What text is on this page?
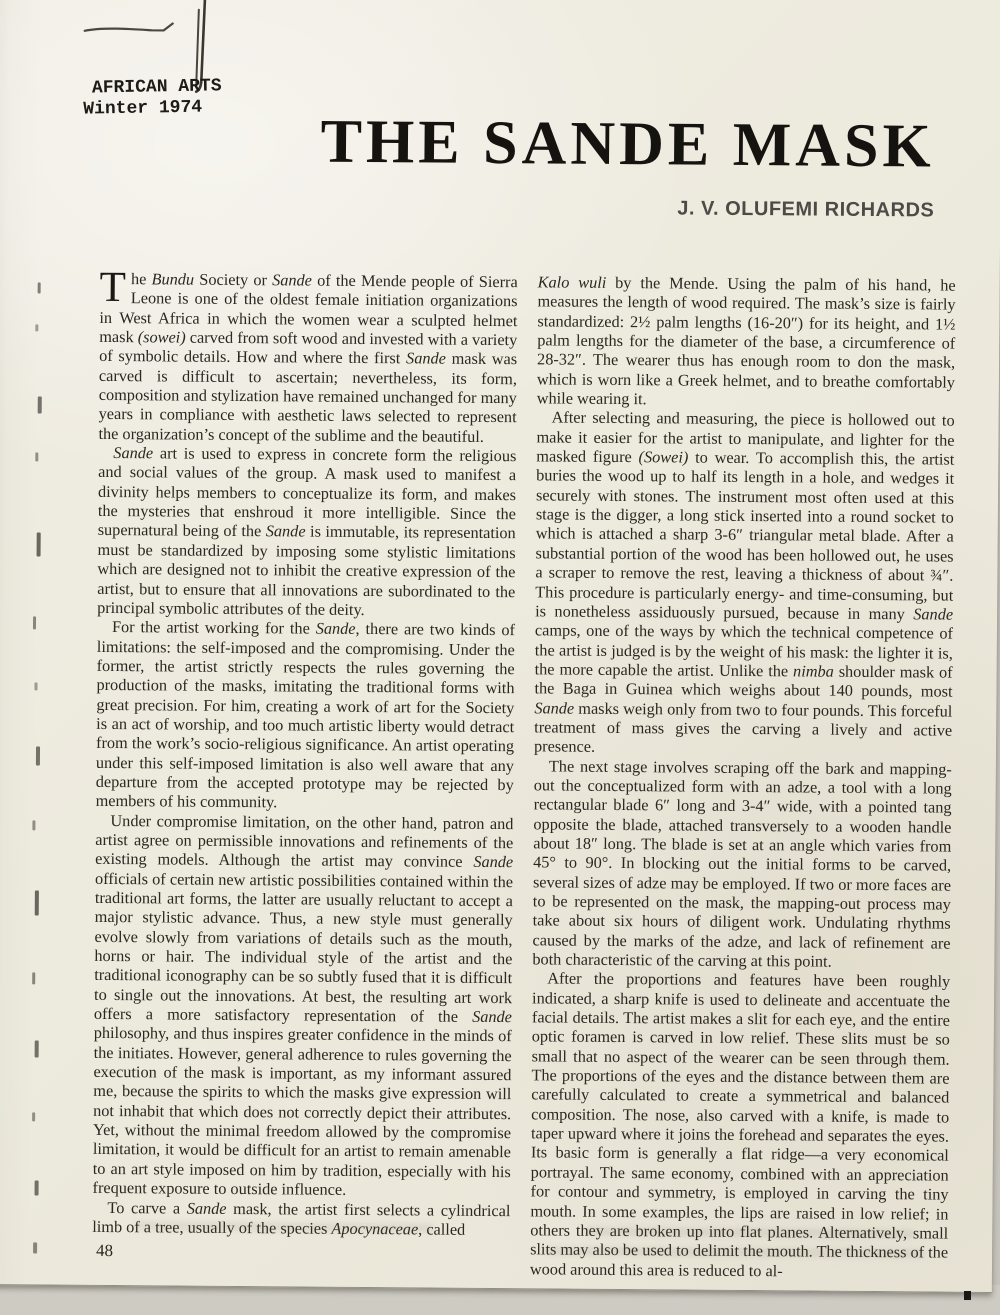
AFRICAN ARTS
Winter 1974	THE SANDE MASK
J. V. OLUFEMI RICHARDS

The Bundu Society or Sande of the Mende people of Sierra Leone is one of the oldest female initiation organizations in West Africa in which the women wear a sculpted helmet mask (sowei) carved from soft wood and invested with a variety of symbolic details. How and where the first Sande mask was carved is difficult to ascertain; nevertheless, its form, composition and stylization have remained unchanged for many years in compliance with aesthetic laws selected to represent the organization’s concept of the sublime and the beautiful.

Sande art is used to express in concrete form the religious and social values of the group. A mask used to manifest a divinity helps members to conceptualize its form, and makes the mysteries that enshroud it more intelligible. Since the supernatural being of the Sande is immutable, its representation must be standardized by imposing some stylistic limitations which are designed not to inhibit the creative expression of the artist, but to ensure that all innovations are subordinated to the principal symbolic attributes of the deity.

For the artist working for the Sande, there are two kinds of limitations: the self-imposed and the compromising. Under the former, the artist strictly respects the rules governing the production of the masks, imitating the traditional forms with great precision. For him, creating a work of art for the Society is an act of worship, and too much artistic liberty would detract from the work’s socio-religious significance. An artist operating under this self-imposed limitation is also well aware that any departure from the accepted prototype may be rejected by members of his community.

Under compromise limitation, on the other hand, patron and artist agree on permissible innovations and refinements of the existing models. Although the artist may convince Sande officials of certain new artistic possibilities contained within the traditional art forms, the latter are usually reluctant to accept a major stylistic advance. Thus, a new style must generally evolve slowly from variations of details such as the mouth, horns or hair. The individual style of the artist and the traditional iconography can be so subtly fused that it is difficult to single out the innovations. At best, the resulting art work offers a more satisfactory representation of the Sande philosophy, and thus inspires greater confidence in the minds of the initiates. However, general adherence to rules governing the execution of the mask is important, as my informant assured me, because the spirits to which the masks give expression will not inhabit that which does not correctly depict their attributes. Yet, without the minimal freedom allowed by the compromise limitation, it would be difficult for an artist to remain amenable to an art style imposed on him by tradition, especially with his frequent exposure to outside influence.

To carve a Sande mask, the artist first selects a cylindrical limb of a tree, usually of the species Apocynaceae, called

Kalo wuli by the Mende. Using the palm of his hand, he measures the length of wood required. The mask’s size is fairly standardized: 2½ palm lengths (16-20″) for its height, and 1½ palm lengths for the diameter of the base, a circumference of 28-32″. The wearer thus has enough room to don the mask, which is worn like a Greek helmet, and to breathe comfortably while wearing it.

After selecting and measuring, the piece is hollowed out to make it easier for the artist to manipulate, and lighter for the masked figure (Sowei) to wear. To accomplish this, the artist buries the wood up to half its length in a hole, and wedges it securely with stones. The instrument most often used at this stage is the digger, a long stick inserted into a round socket to which is attached a sharp 3-6″ triangular metal blade. After a substantial portion of the wood has been hollowed out, he uses a scraper to remove the rest, leaving a thickness of about ¾″. This procedure is particularly energy- and time-consuming, but is nonetheless assiduously pursued, because in many Sande camps, one of the ways by which the technical competence of the artist is judged is by the weight of his mask: the lighter it is, the more capable the artist. Unlike the nimba shoulder mask of the Baga in Guinea which weighs about 140 pounds, most Sande masks weigh only from two to four pounds. This forceful treatment of mass gives the carving a lively and active presence.

The next stage involves scraping off the bark and mapping-out the conceptualized form with an adze, a tool with a long rectangular blade 6″ long and 3-4″ wide, with a pointed tang opposite the blade, attached transversely to a wooden handle about 18″ long. The blade is set at an angle which varies from 45° to 90°. In blocking out the initial forms to be carved, several sizes of adze may be employed. If two or more faces are to be represented on the mask, the mapping-out process may take about six hours of diligent work. Undulating rhythms caused by the marks of the adze, and lack of refinement are both characteristic of the carving at this point.

After the proportions and features have been roughly indicated, a sharp knife is used to delineate and accentuate the facial details. The artist makes a slit for each eye, and the entire optic foramen is carved in low relief. These slits must be so small that no aspect of the wearer can be seen through them. The proportions of the eyes and the distance between them are carefully calculated to create a symmetrical and balanced composition. The nose, also carved with a knife, is made to taper upward where it joins the forehead and separates the eyes. Its basic form is generally a flat ridge—a very economical portrayal. The same economy, combined with an appreciation for contour and symmetry, is employed in carving the tiny mouth. In some examples, the lips are raised in low relief; in others they are broken up into flat planes. Alternatively, small slits may also be used to delimit the mouth. The thickness of the wood around this area is reduced to al-

48
